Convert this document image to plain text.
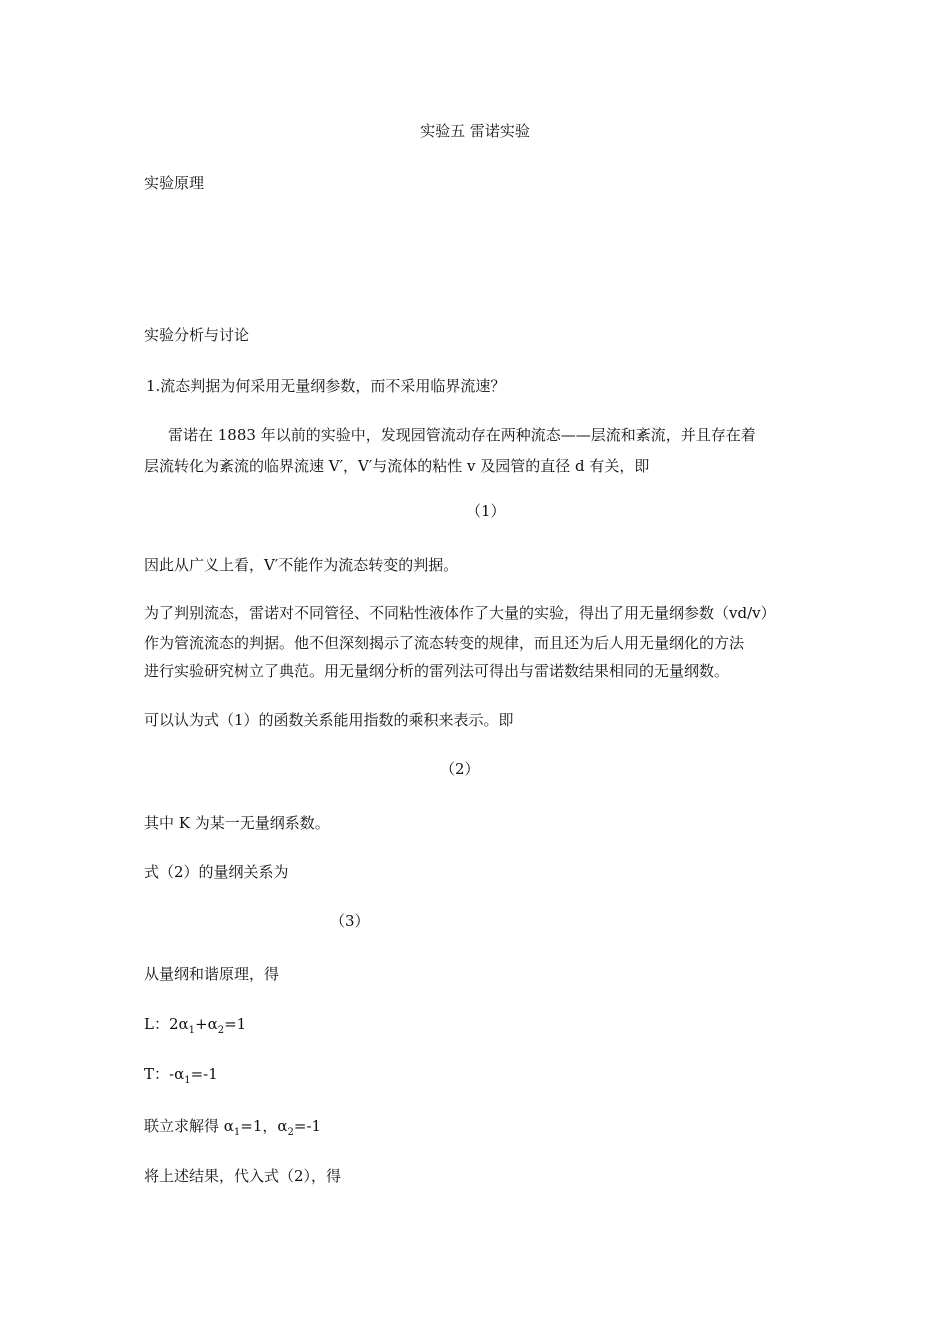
实验五 雷诺实验
实验原理
实验分析与讨论
1.流态判据为何采用无量纲参数，而不采用临界流速？
雷诺在 1883 年以前的实验中，发现园管流动存在两种流态——层流和紊流，并且存在着
层流转化为紊流的临界流速 V′，V′与流体的粘性 v 及园管的直径 d 有关，即
（1）
因此从广义上看，V′不能作为流态转变的判据。
为了判别流态，雷诺对不同管径、不同粘性液体作了大量的实验，得出了用无量纲参数（vd/v）
作为管流流态的判据。他不但深刻揭示了流态转变的规律，而且还为后人用无量纲化的方法
进行实验研究树立了典范。用无量纲分析的雷列法可得出与雷诺数结果相同的无量纲数。
可以认为式（1）的函数关系能用指数的乘积来表示。即
（2）
其中 K 为某一无量纲系数。
式（2）的量纲关系为
（3）
从量纲和谐原理，得
L：$2\alpha_1+\alpha_2=1$
T：$-\alpha_1=-1$
联立求解得 $\alpha_1=1$，$\alpha_2=-1$
将上述结果，代入式（2），得
